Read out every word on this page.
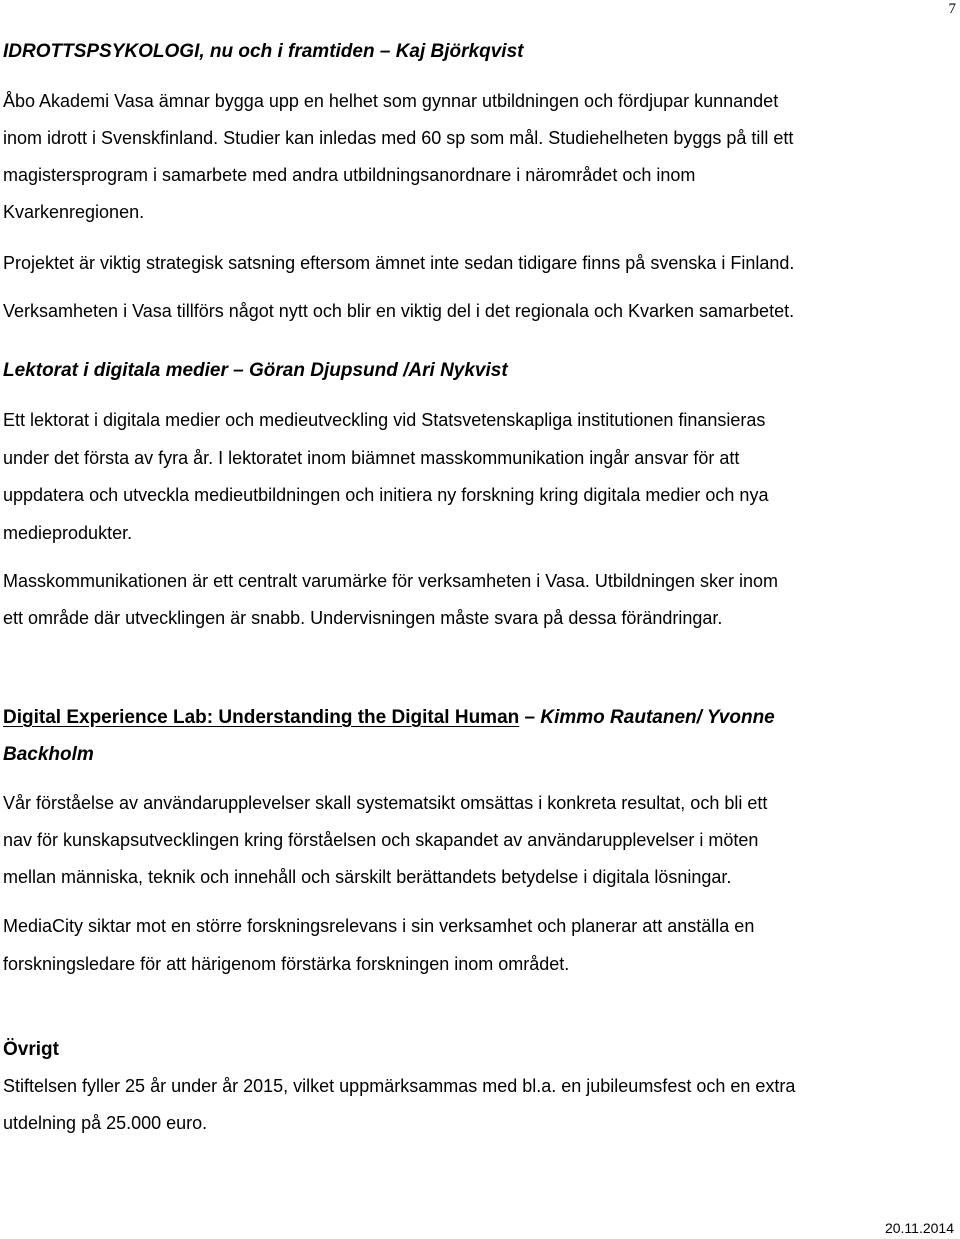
7
IDROTTSPSYKOLOGI, nu och i framtiden – Kaj Björkqvist

Åbo Akademi Vasa ämnar bygga upp en helhet som gynnar utbildningen och fördjupar kunnandet
inom idrott i Svenskfinland. Studier kan inledas med 60 sp som mål. Studiehelheten byggs på till ett
magistersprogram i samarbete med andra utbildningsanordnare i närområdet och inom
Kvarkenregionen.

Projektet är viktig strategisk satsning eftersom ämnet inte sedan tidigare finns på svenska i Finland.

Verksamheten i Vasa tillförs något nytt och blir en viktig del i det regionala och Kvarken samarbetet.

Lektorat i digitala medier – Göran Djupsund /Ari Nykvist

Ett lektorat i digitala medier och medieutveckling vid Statsvetenskapliga institutionen finansieras
under det första av fyra år. I lektoratet inom biämnet masskommunikation ingår ansvar för att
uppdatera och utveckla medieutbildningen och initiera ny forskning kring digitala medier och nya
medieprodukter.

Masskommunikationen är ett centralt varumärke för verksamheten i Vasa. Utbildningen sker inom
ett område där utvecklingen är snabb. Undervisningen måste svara på dessa förändringar.

Digital Experience Lab: Understanding the Digital Human – Kimmo Rautanen/ Yvonne
Backholm

Vår förståelse av användarupplevelser skall systematsikt omsättas i konkreta resultat, och bli ett
nav för kunskapsutvecklingen kring förståelsen och skapandet av användarupplevelser i möten
mellan människa, teknik och innehåll och särskilt berättandets betydelse i digitala lösningar.

MediaCity siktar mot en större forskningsrelevans i sin verksamhet och planerar att anställa en
forskningsledare för att härigenom förstärka forskningen inom området.

Övrigt

Stiftelsen fyller 25 år under år 2015, vilket uppmärksammas med bl.a. en jubileumsfest och en extra
utdelning på 25.000 euro.

20.11.2014
